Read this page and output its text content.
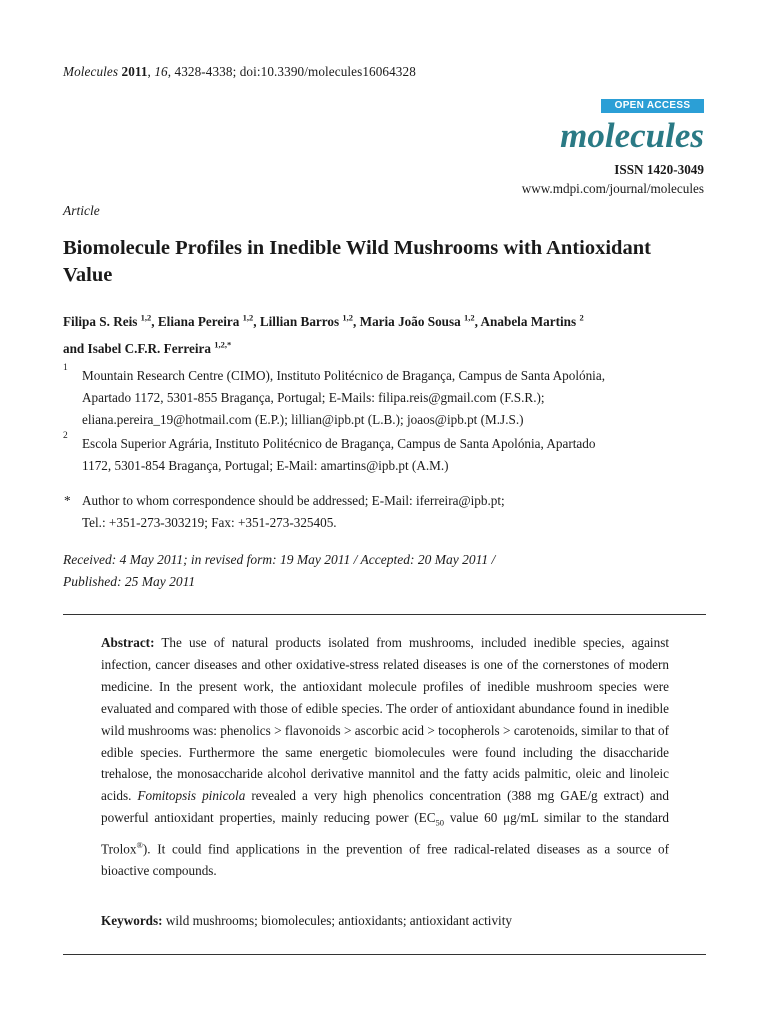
Molecules 2011, 16, 4328-4338; doi:10.3390/molecules16064328
OPEN ACCESS
molecules
ISSN 1420-3049
www.mdpi.com/journal/molecules
Article
Biomolecule Profiles in Inedible Wild Mushrooms with Antioxidant Value
Filipa S. Reis $^{1,2}$, Eliana Pereira $^{1,2}$, Lillian Barros $^{1,2}$, Maria João Sousa $^{1,2}$, Anabela Martins $^2$
and Isabel C.F.R. Ferreira $^{1,2,*}$
1 Mountain Research Centre (CIMO), Instituto Politécnico de Bragança, Campus de Santa Apolónia,
Apartado 1172, 5301-855 Bragança, Portugal; E-Mails: filipa.reis@gmail.com (F.S.R.);
eliana.pereira_19@hotmail.com (E.P.); lillian@ipb.pt (L.B.); joaos@ipb.pt (M.J.S.)
2 Escola Superior Agrária, Instituto Politécnico de Bragança, Campus de Santa Apolónia, Apartado
1172, 5301-854 Bragança, Portugal; E-Mail: amartins@ipb.pt (A.M.)
* Author to whom correspondence should be addressed; E-Mail: iferreira@ipb.pt;
Tel.: +351-273-303219; Fax: +351-273-325405.
Received: 4 May 2011; in revised form: 19 May 2011 / Accepted: 20 May 2011 /
Published: 25 May 2011
Abstract: The use of natural products isolated from mushrooms, included inedible species, against infection, cancer diseases and other oxidative-stress related diseases is one of the cornerstones of modern medicine. In the present work, the antioxidant molecule profiles of inedible mushroom species were evaluated and compared with those of edible species. The order of antioxidant abundance found in inedible wild mushrooms was: phenolics > flavonoids > ascorbic acid > tocopherols > carotenoids, similar to that of edible species. Furthermore the same energetic biomolecules were found including the disaccharide trehalose, the monosaccharide alcohol derivative mannitol and the fatty acids palmitic, oleic and linoleic acids. Fomitopsis pinicola revealed a very high phenolics concentration (388 mg GAE/g extract) and powerful antioxidant properties, mainly reducing power ($EC_{50}$ value 60 μg/mL similar to the standard Trolox®). It could find applications in the prevention of free radical-related diseases as a source of bioactive compounds.
Keywords: wild mushrooms; biomolecules; antioxidants; antioxidant activity
